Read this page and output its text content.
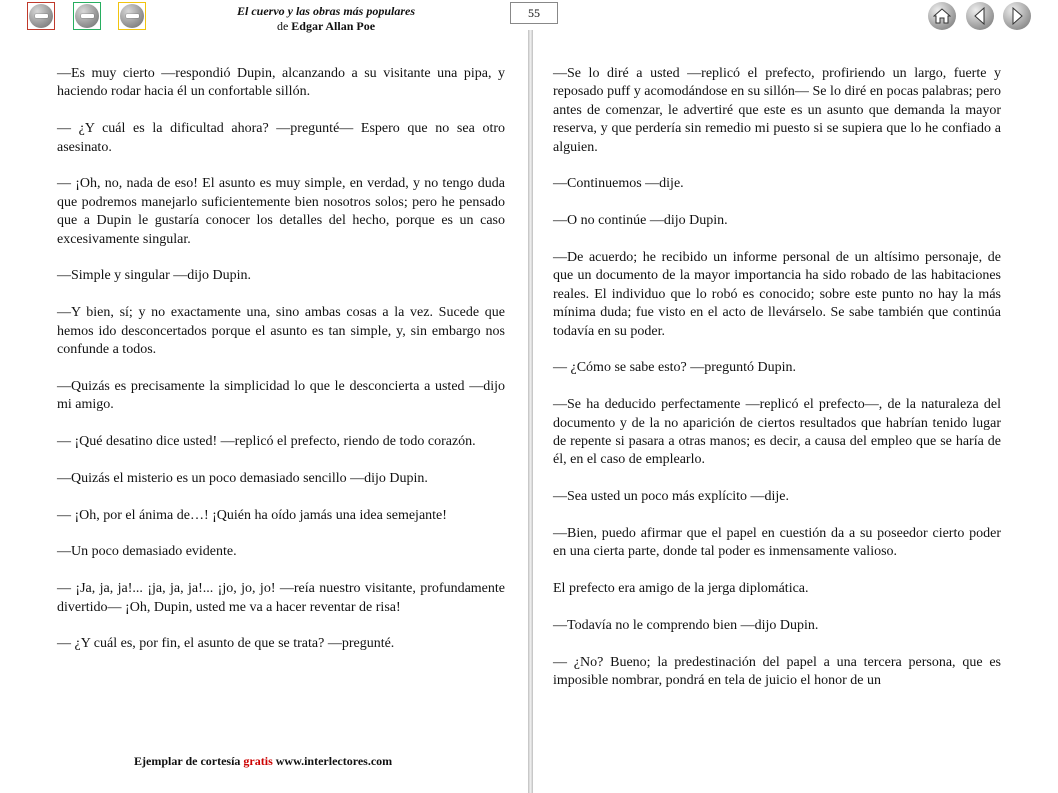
El cuervo y las obras más populares
de Edgar Allan Poe
55

—Es muy cierto —respondió Dupin, alcanzando a su visitante una pipa, y haciendo rodar hacia él un confortable sillón.

— ¿Y cuál es la dificultad ahora? —pregunté— Espero que no sea otro asesinato.

— ¡Oh, no, nada de eso! El asunto es muy simple, en verdad, y no tengo duda que podremos manejarlo suficientemente bien nosotros solos; pero he pensado que a Dupin le gustaría conocer los detalles del hecho, porque es un caso excesivamente singular.

—Simple y singular —dijo Dupin.

—Y bien, sí; y no exactamente una, sino ambas cosas a la vez. Sucede que hemos ido desconcertados porque el asunto es tan simple, y, sin embargo nos confunde a todos.

—Quizás es precisamente la simplicidad lo que le desconcierta a usted —dijo mi amigo.

— ¡Qué desatino dice usted! —replicó el prefecto, riendo de todo corazón.

—Quizás el misterio es un poco demasiado sencillo —dijo Dupin.

— ¡Oh, por el ánima de…! ¡Quién ha oído jamás una idea semejante!

—Un poco demasiado evidente.

— ¡Ja, ja, ja!... ¡ja, ja, ja!... ¡jo, jo, jo! —reía nuestro visitante, profundamente divertido— ¡Oh, Dupin, usted me va a hacer reventar de risa!

— ¿Y cuál es, por fin, el asunto de que se trata? —pregunté.

—Se lo diré a usted —replicó el prefecto, profiriendo un largo, fuerte y reposado puff y acomodándose en su sillón— Se lo diré en pocas palabras; pero antes de comenzar, le advertiré que este es un asunto que demanda la mayor reserva, y que perdería sin remedio mi puesto si se supiera que lo he confiado a alguien.

—Continuemos —dije.

—O no continúe —dijo Dupin.

—De acuerdo; he recibido un informe personal de un altísimo personaje, de que un documento de la mayor importancia ha sido robado de las habitaciones reales. El individuo que lo robó es conocido; sobre este punto no hay la más mínima duda; fue visto en el acto de llevárselo. Se sabe también que continúa todavía en su poder.

— ¿Cómo se sabe esto? —preguntó Dupin.

—Se ha deducido perfectamente —replicó el prefecto—, de la naturaleza del documento y de la no aparición de ciertos resultados que habrían tenido lugar de repente si pasara a otras manos; es decir, a causa del empleo que se haría de él, en el caso de emplearlo.

—Sea usted un poco más explícito —dije.

—Bien, puedo afirmar que el papel en cuestión da a su poseedor cierto poder en una cierta parte, donde tal poder es inmensamente valioso.

El prefecto era amigo de la jerga diplomática.

—Todavía no le comprendo bien —dijo Dupin.

— ¿No? Bueno; la predestinación del papel a una tercera persona, que es imposible nombrar, pondrá en tela de juicio el honor de un

Ejemplar de cortesía gratis www.interlectores.com
